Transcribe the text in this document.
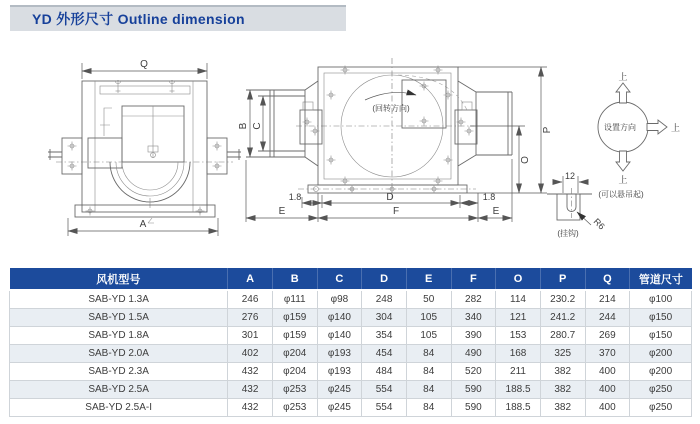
YD 外形尺寸 Outline dimension
Q
A
(回转方向)
B C
P
O
1.8	D	1.8
E	F	E
上
上
上
设置方向
(可以悬吊起)
12
R6
(挂钩)
风机型号	A	B	C	D	E	F	O	P	Q	管道尺寸
SAB-YD 1.3A	246	φ111	φ98	248	50	282	114	230.2	214	φ100
SAB-YD 1.5A	276	φ159	φ140	304	105	340	121	241.2	244	φ150
SAB-YD 1.8A	301	φ159	φ140	354	105	390	153	280.7	269	φ150
SAB-YD 2.0A	402	φ204	φ193	454	84	490	168	325	370	φ200
SAB-YD 2.3A	432	φ204	φ193	484	84	520	211	382	400	φ200
SAB-YD 2.5A	432	φ253	φ245	554	84	590	188.5	382	400	φ250
SAB-YD 2.5A-I	432	φ253	φ245	554	84	590	188.5	382	400	φ250
